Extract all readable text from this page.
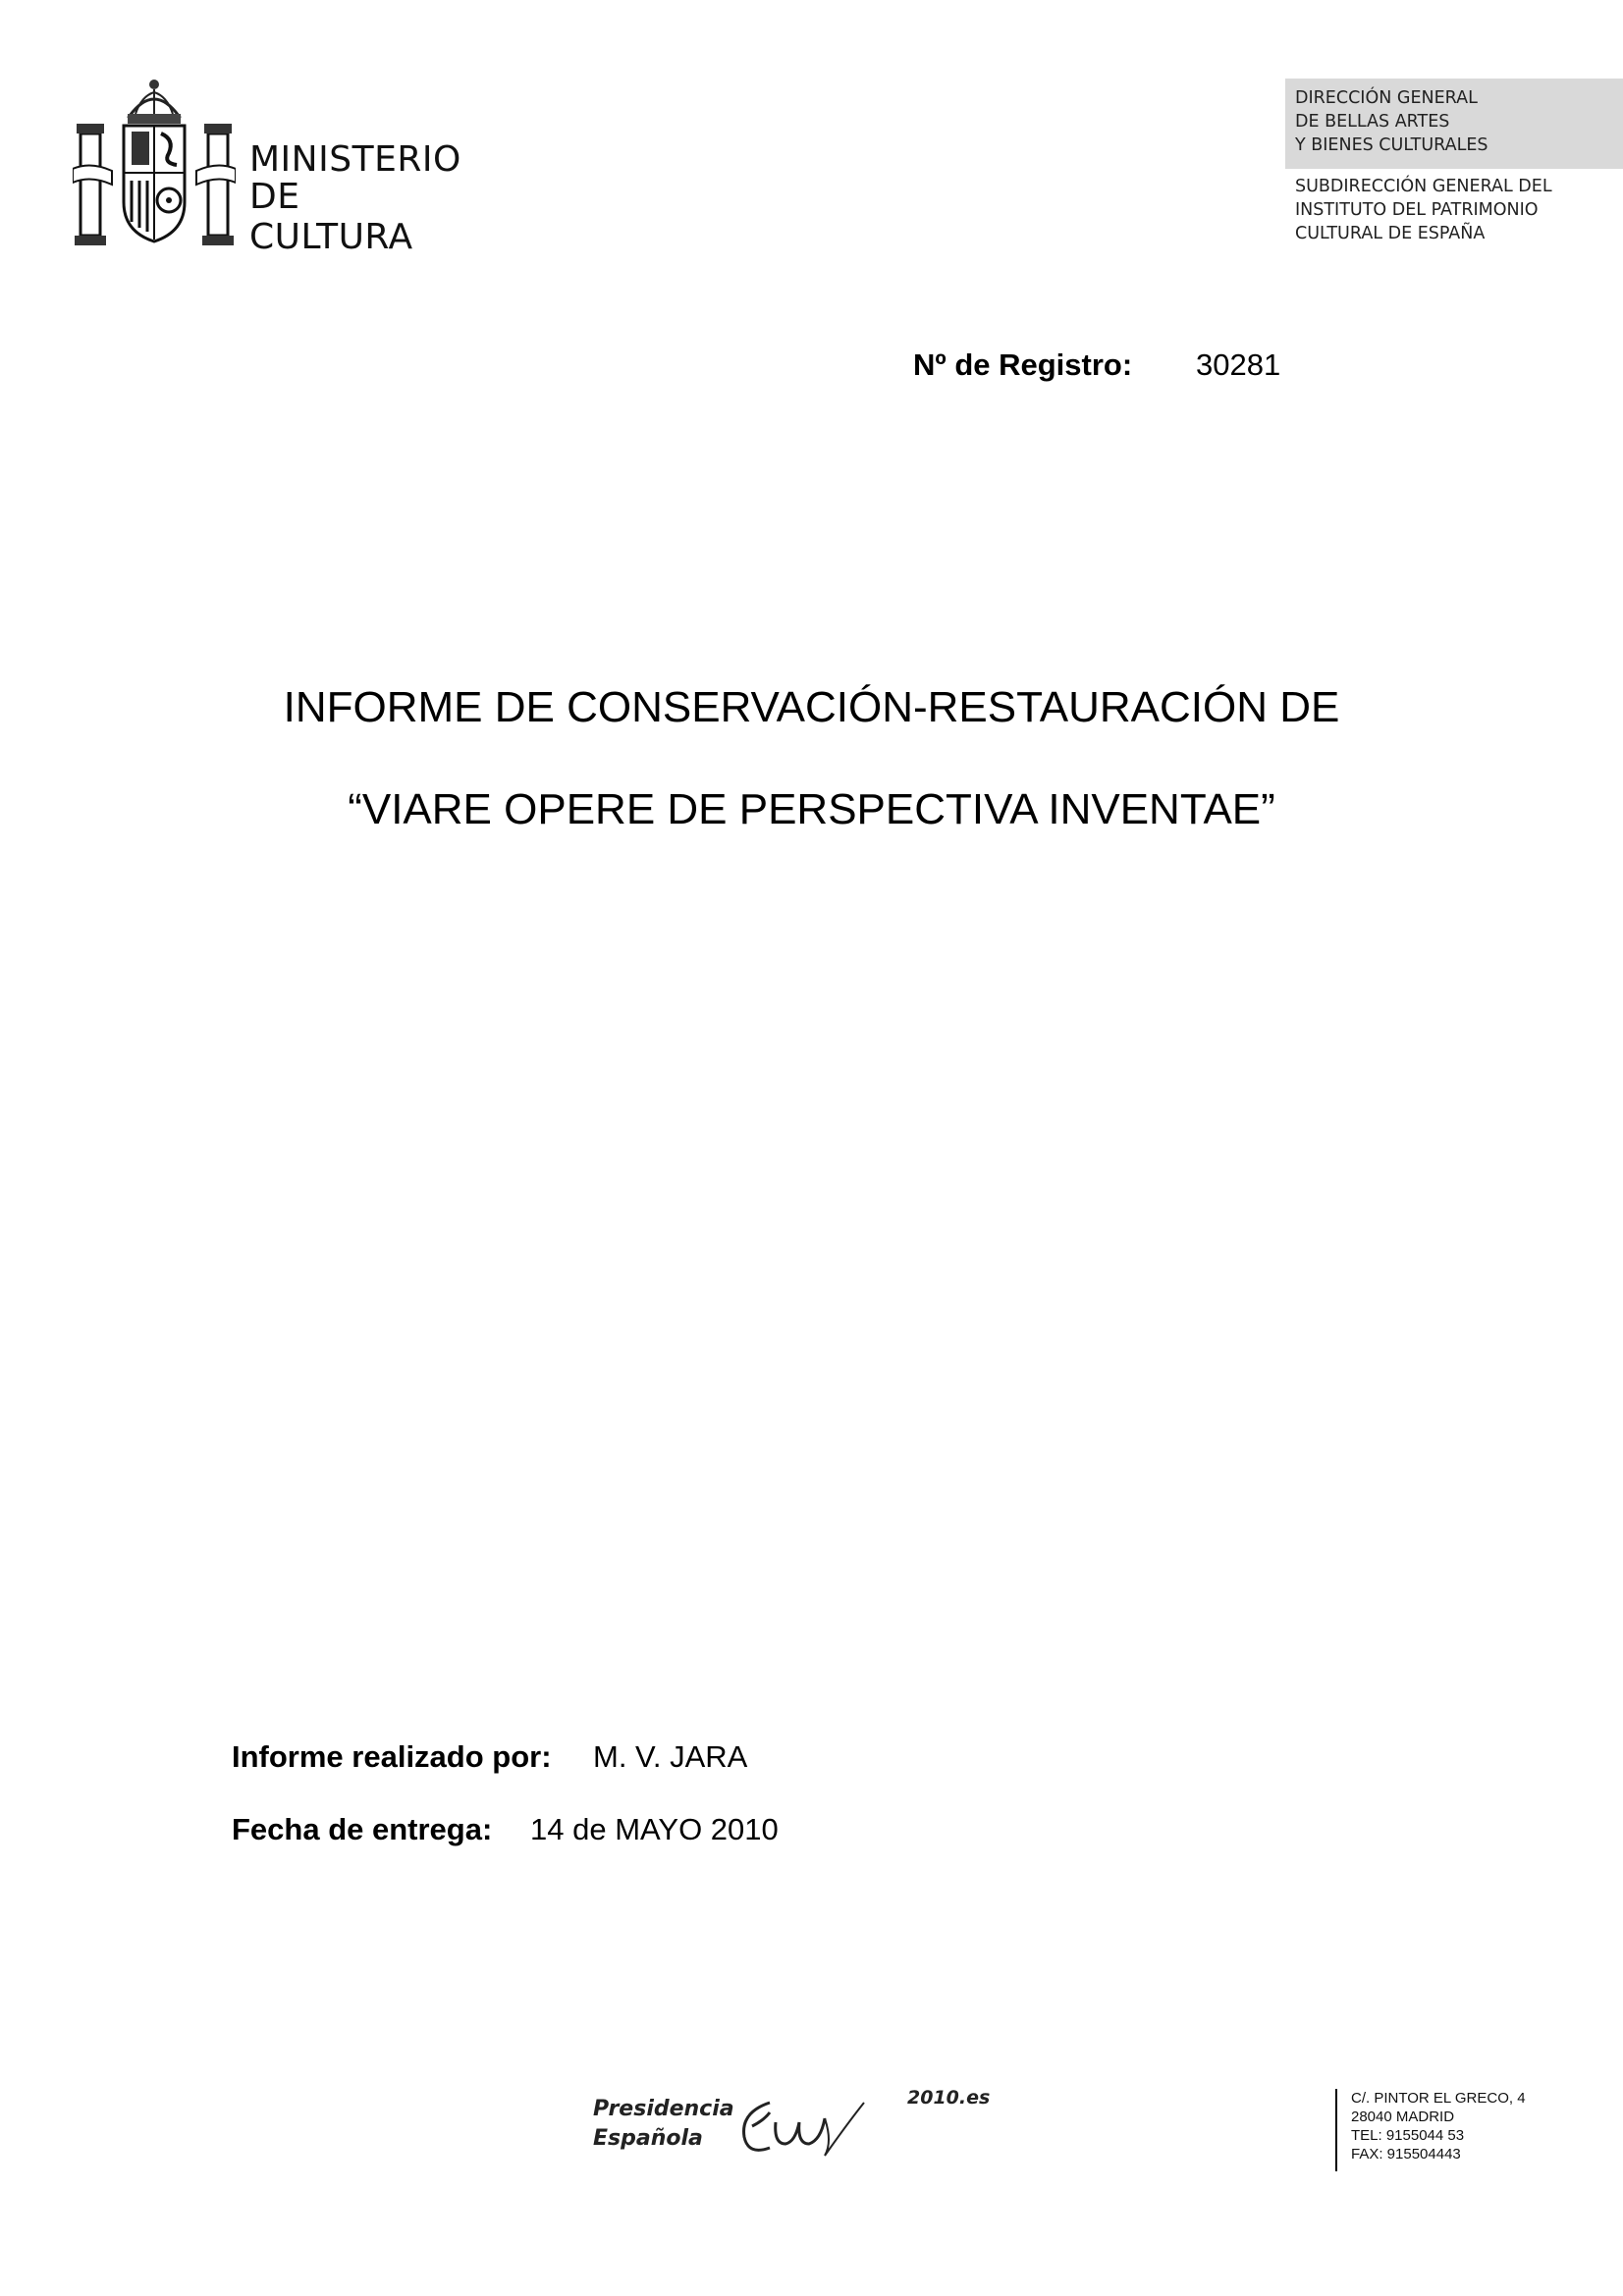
MINISTERIO
DE CULTURA
DIRECCIÓN GENERAL
DE BELLAS ARTES
Y BIENES CULTURALES
SUBDIRECCIÓN GENERAL DEL
INSTITUTO DEL PATRIMONIO
CULTURAL DE ESPAÑA
Nº de Registro: 30281
INFORME DE CONSERVACIÓN-RESTAURACIÓN DE
“VIARE OPERE DE PERSPECTIVA INVENTAE”
Informe realizado por: M. V. JARA
Fecha de entrega: 14 de MAYO 2010
Presidencia
Española
2010.es	C/. PINTOR EL GRECO, 4
28040 MADRID
TEL: 9155044 53
FAX: 915504443
